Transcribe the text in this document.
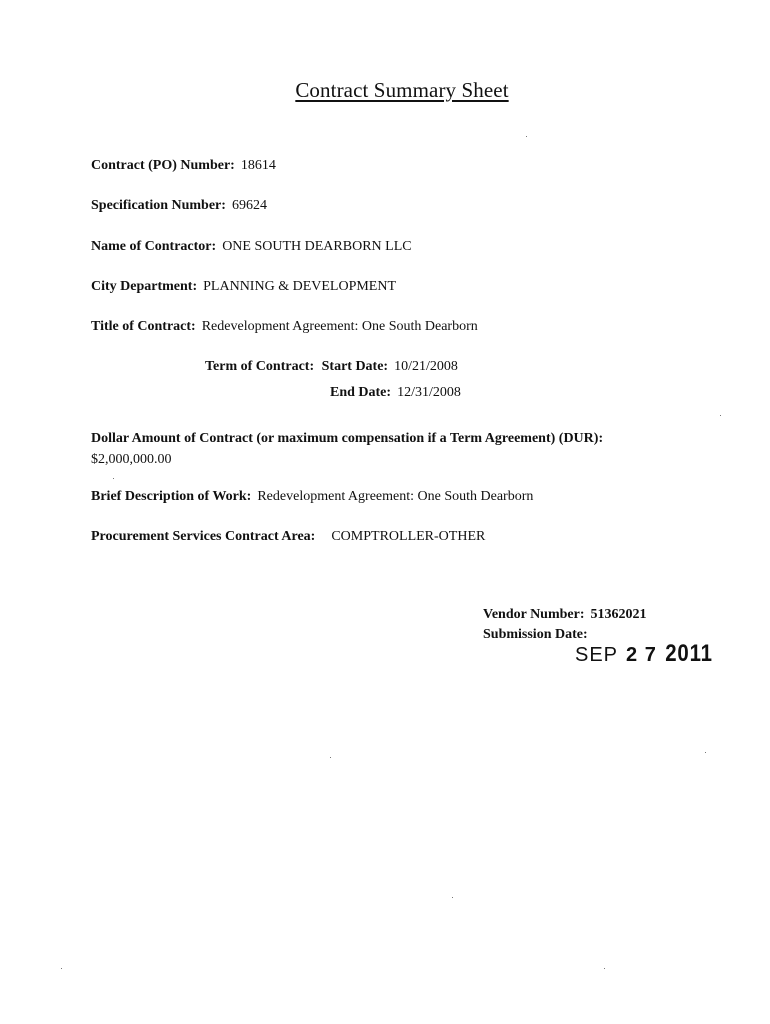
Contract Summary Sheet
Contract (PO) Number: 18614
Specification Number: 69624
Name of Contractor: ONE SOUTH DEARBORN LLC
City Department: PLANNING & DEVELOPMENT
Title of Contract: Redevelopment Agreement: One South Dearborn
Term of Contract: Start Date: 10/21/2008
End Date: 12/31/2008
Dollar Amount of Contract (or maximum compensation if a Term Agreement) (DUR):
$2,000,000.00
Brief Description of Work: Redevelopment Agreement: One South Dearborn
Procurement Services Contract Area: COMPTROLLER-OTHER
Vendor Number: 51362021
Submission Date:
SEP 2 7 2011
